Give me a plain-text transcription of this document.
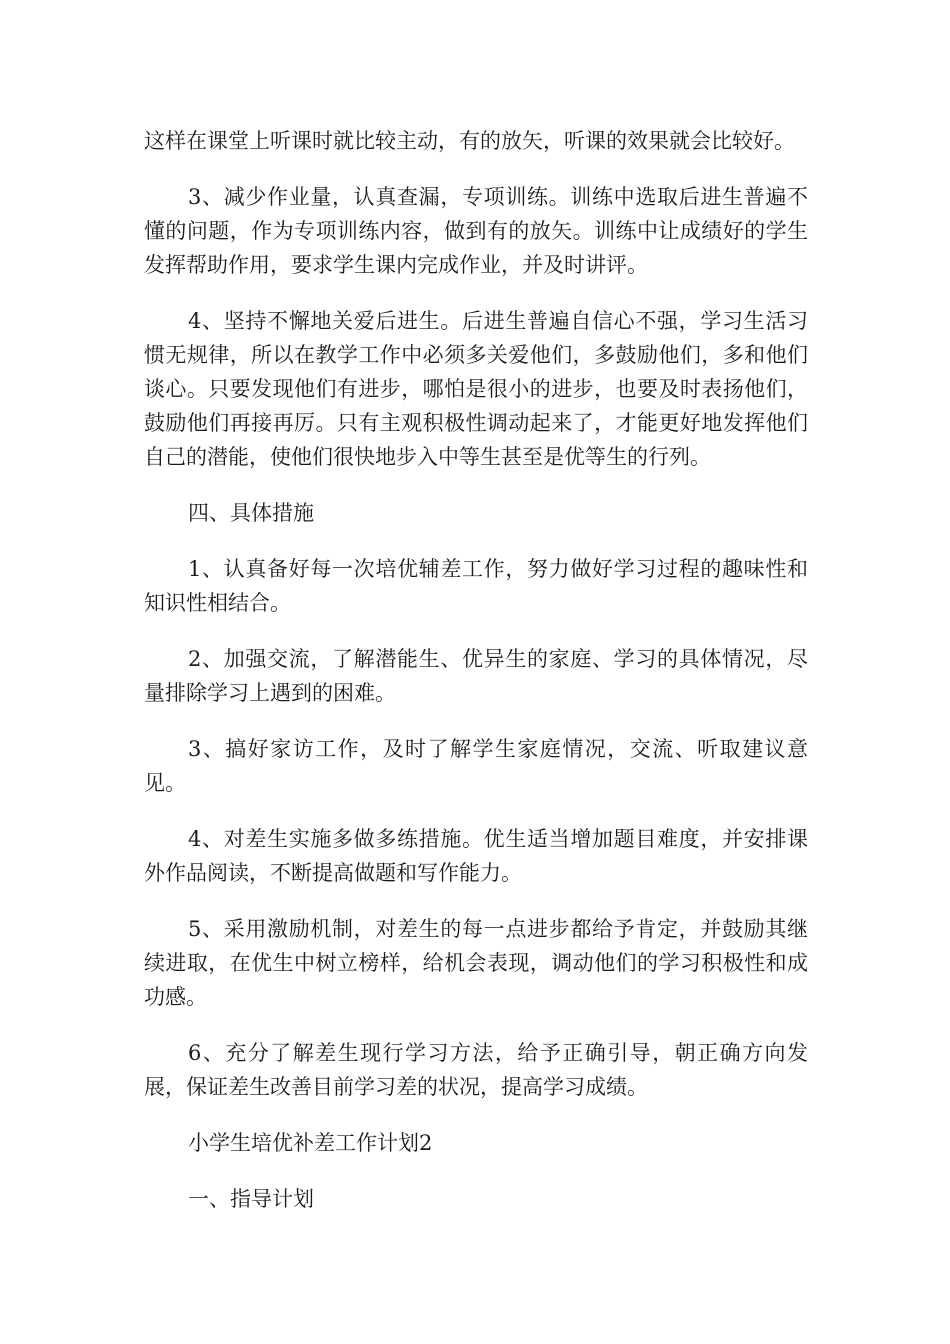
这样在课堂上听课时就比较主动，有的放矢，听课的效果就会比较好。

3、减少作业量，认真查漏，专项训练。训练中选取后进生普遍不懂的问题，作为专项训练内容，做到有的放矢。训练中让成绩好的学生发挥帮助作用，要求学生课内完成作业，并及时讲评。

4、坚持不懈地关爱后进生。后进生普遍自信心不强，学习生活习惯无规律，所以在教学工作中必须多关爱他们，多鼓励他们，多和他们谈心。只要发现他们有进步，哪怕是很小的进步，也要及时表扬他们，鼓励他们再接再厉。只有主观积极性调动起来了，才能更好地发挥他们自己的潜能，使他们很快地步入中等生甚至是优等生的行列。

四、具体措施

1、认真备好每一次培优辅差工作，努力做好学习过程的趣味性和知识性相结合。

2、加强交流，了解潜能生、优异生的家庭、学习的具体情况，尽量排除学习上遇到的困难。

3、搞好家访工作，及时了解学生家庭情况，交流、听取建议意见。

4、对差生实施多做多练措施。优生适当增加题目难度，并安排课外作品阅读，不断提高做题和写作能力。

5、采用激励机制，对差生的每一点进步都给予肯定，并鼓励其继续进取，在优生中树立榜样，给机会表现，调动他们的学习积极性和成功感。

6、充分了解差生现行学习方法，给予正确引导，朝正确方向发展，保证差生改善目前学习差的状况，提高学习成绩。

小学生培优补差工作计划2

一、指导计划
